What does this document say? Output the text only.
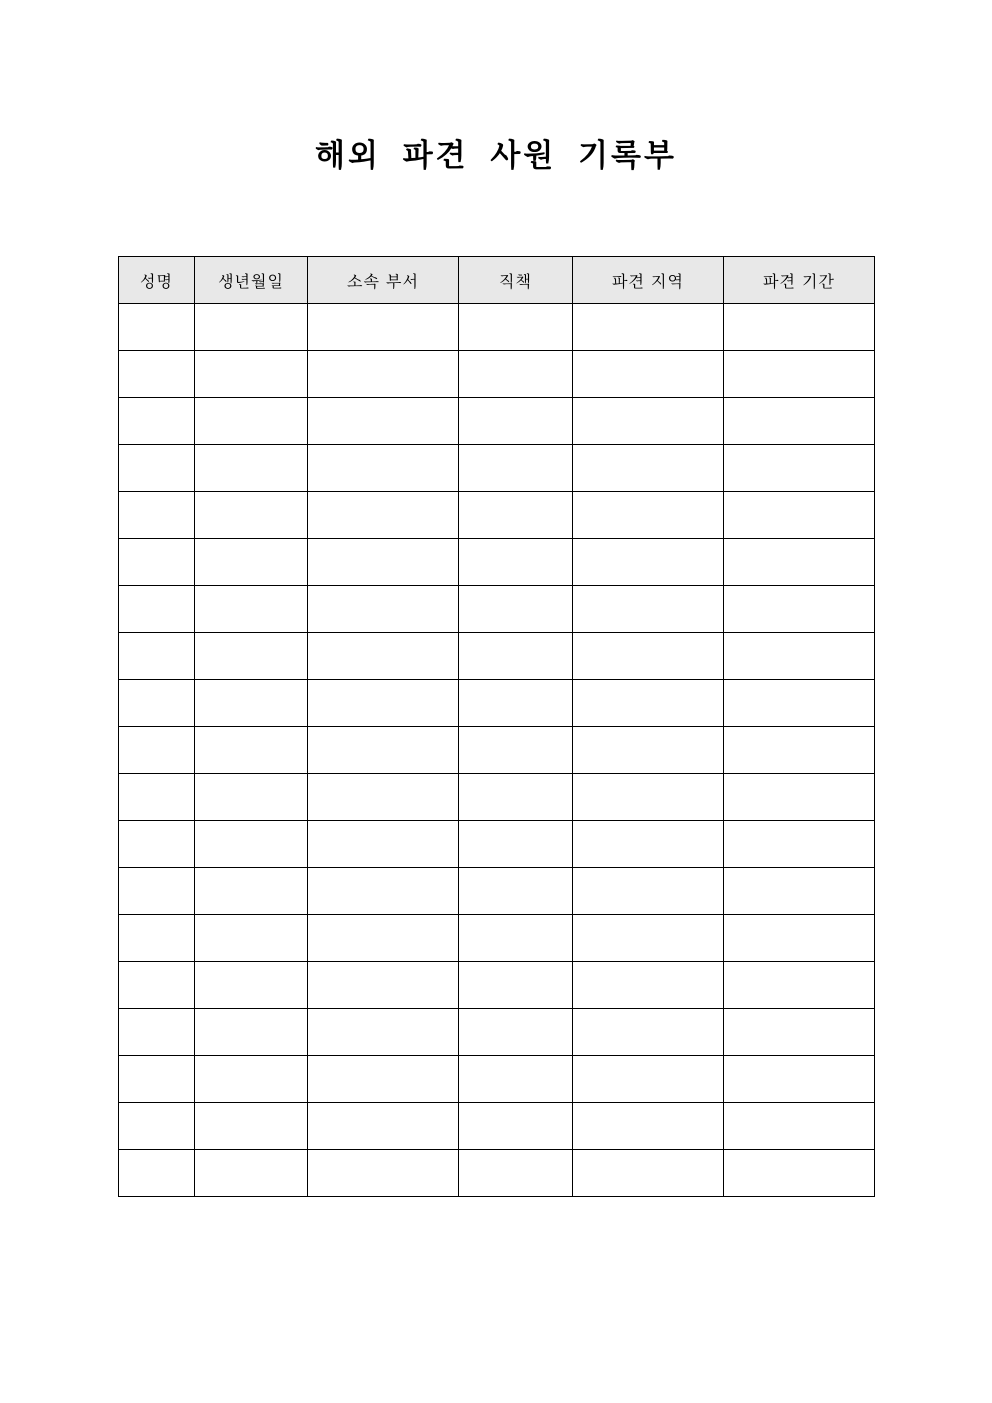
해외 파견 사원 기록부
성명	생년월일	소속 부서	직책	파견 지역	파견 기간
